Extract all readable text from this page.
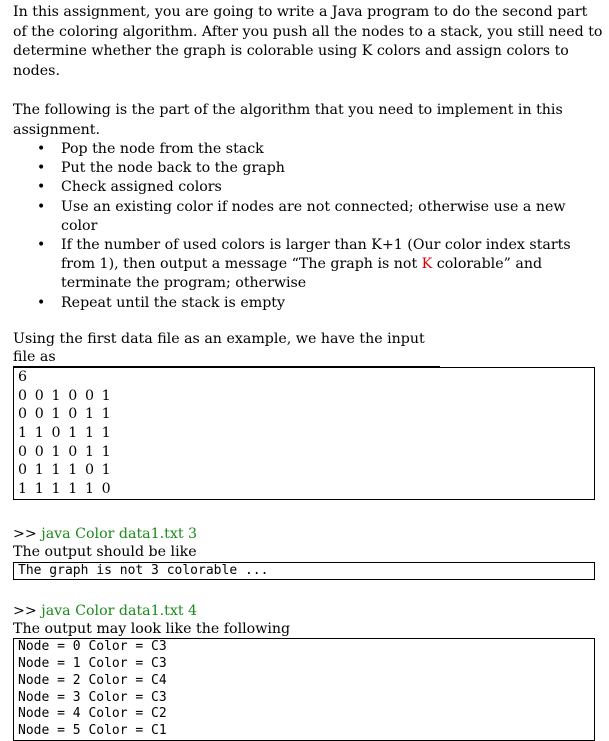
In this assignment, you are going to write a Java program to do the second part of the coloring algorithm. After you push all the nodes to a stack, you still need to determine whether the graph is colorable using K colors and assign colors to nodes.

The following is the part of the algorithm that you need to implement in this assignment.

• Pop the node from the stack
• Put the node back to the graph
• Check assigned colors
• Use an existing color if nodes are not connected; otherwise use a new color
• If the number of used colors is larger than K+1 (Our color index starts from 1), then output a message “The graph is not K colorable” and terminate the program; otherwise
• Repeat until the stack is empty

Using the first data file as an example, we have the input file as

6
0 0 1 0 0 1
0 0 1 0 1 1
1 1 0 1 1 1
0 0 1 0 1 1
0 1 1 1 0 1
1 1 1 1 1 0

>> java Color data1.txt 3

The output should be like

The graph is not 3 colorable ...

>> java Color data1.txt 4

The output may look like the following

Node = 0 Color = C3
Node = 1 Color = C3
Node = 2 Color = C4
Node = 3 Color = C3
Node = 4 Color = C2
Node = 5 Color = C1
